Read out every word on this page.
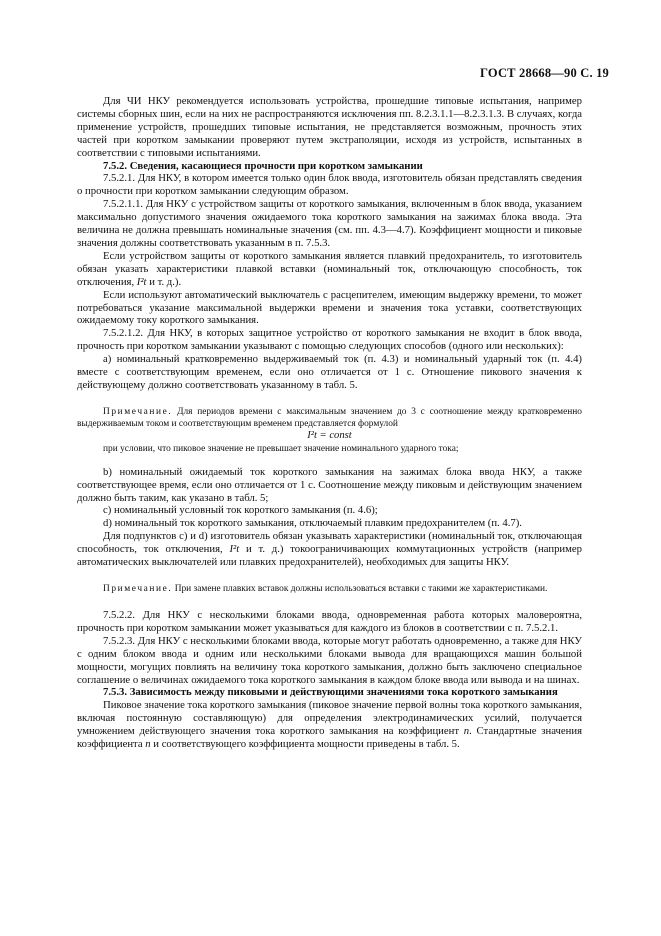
ГОСТ 28668—90 С. 19

Для ЧИ НКУ рекомендуется использовать устройства, прошедшие типовые испытания, например системы сборных шин, если на них не распространяются исключения пп. 8.2.3.1.1—8.2.3.1.3. В случаях, когда применение устройств, прошедших типовые испытания, не представляется возможным, прочность этих частей при коротком замыкании проверяют путем экстраполяции, исходя из устройств, испытанных в соответствии с типовыми испытаниями.

7.5.2. Сведения, касающиеся прочности при коротком замыкании

7.5.2.1. Для НКУ, в котором имеется только один блок ввода, изготовитель обязан представлять сведения о прочности при коротком замыкании следующим образом.

7.5.2.1.1. Для НКУ с устройством защиты от короткого замыкания, включенным в блок ввода, указанием максимально допустимого значения ожидаемого тока короткого замыкания на зажимах блока ввода. Эта величина не должна превышать номинальные значения (см. пп. 4.3—4.7). Коэффициент мощности и пиковые значения должны соответствовать указанным в п. 7.5.3.

Если устройством защиты от короткого замыкания является плавкий предохранитель, то изготовитель обязан указать характеристики плавкой вставки (номинальный ток, отключающую способность, ток отключения, I²t и т. д.).

Если используют автоматический выключатель с расцепителем, имеющим выдержку времени, то может потребоваться указание максимальной выдержки времени и значения тока уставки, соответствующих ожидаемому току короткого замыкания.

7.5.2.1.2. Для НКУ, в которых защитное устройство от короткого замыкания не входит в блок ввода, прочность при коротком замыкании указывают с помощью следующих способов (одного или нескольких):

a) номинальный кратковременно выдерживаемый ток (п. 4.3) и номинальный ударный ток (п. 4.4) вместе с соответствующим временем, если оно отличается от 1 с. Отношение пикового значения к действующему должно соответствовать указанному в табл. 5.

Примечание. Для периодов времени с максимальным значением до 3 с соотношение между кратковременно выдерживаемым током и соответствующим временем представляется формулой

I²t = const

при условии, что пиковое значение не превышает значение номинального ударного тока;

b) номинальный ожидаемый ток короткого замыкания на зажимах блока ввода НКУ, а также соответствующее время, если оно отличается от 1 с. Соотношение между пиковым и действующим значением должно быть таким, как указано в табл. 5;

c) номинальный условный ток короткого замыкания (п. 4.6);

d) номинальный ток короткого замыкания, отключаемый плавким предохранителем (п. 4.7).

Для подпунктов c) и d) изготовитель обязан указывать характеристики (номинальный ток, отключающая способность, ток отключения, I²t и т. д.) токоограничивающих коммутационных устройств (например автоматических выключателей или плавких предохранителей), необходимых для защиты НКУ.

Примечание. При замене плавких вставок должны использоваться вставки с такими же характеристиками.

7.5.2.2. Для НКУ с несколькими блоками ввода, одновременная работа которых маловероятна, прочность при коротком замыкании может указываться для каждого из блоков в соответствии с п. 7.5.2.1.

7.5.2.3. Для НКУ с несколькими блоками ввода, которые могут работать одновременно, а также для НКУ с одним блоком ввода и одним или несколькими блоками вывода для вращающихся машин большой мощности, могущих повлиять на величину тока короткого замыкания, должно быть заключено специальное соглашение о величинах ожидаемого тока короткого замыкания в каждом блоке ввода или вывода и на шинах.

7.5.3. Зависимость между пиковыми и действующими значениями тока короткого замыкания

Пиковое значение тока короткого замыкания (пиковое значение первой волны тока короткого замыкания, включая постоянную составляющую) для определения электродинамических усилий, получается умножением действующего значения тока короткого замыкания на коэффициент n. Стандартные значения коэффициента n и соответствующего коэффициента мощности приведены в табл. 5.
